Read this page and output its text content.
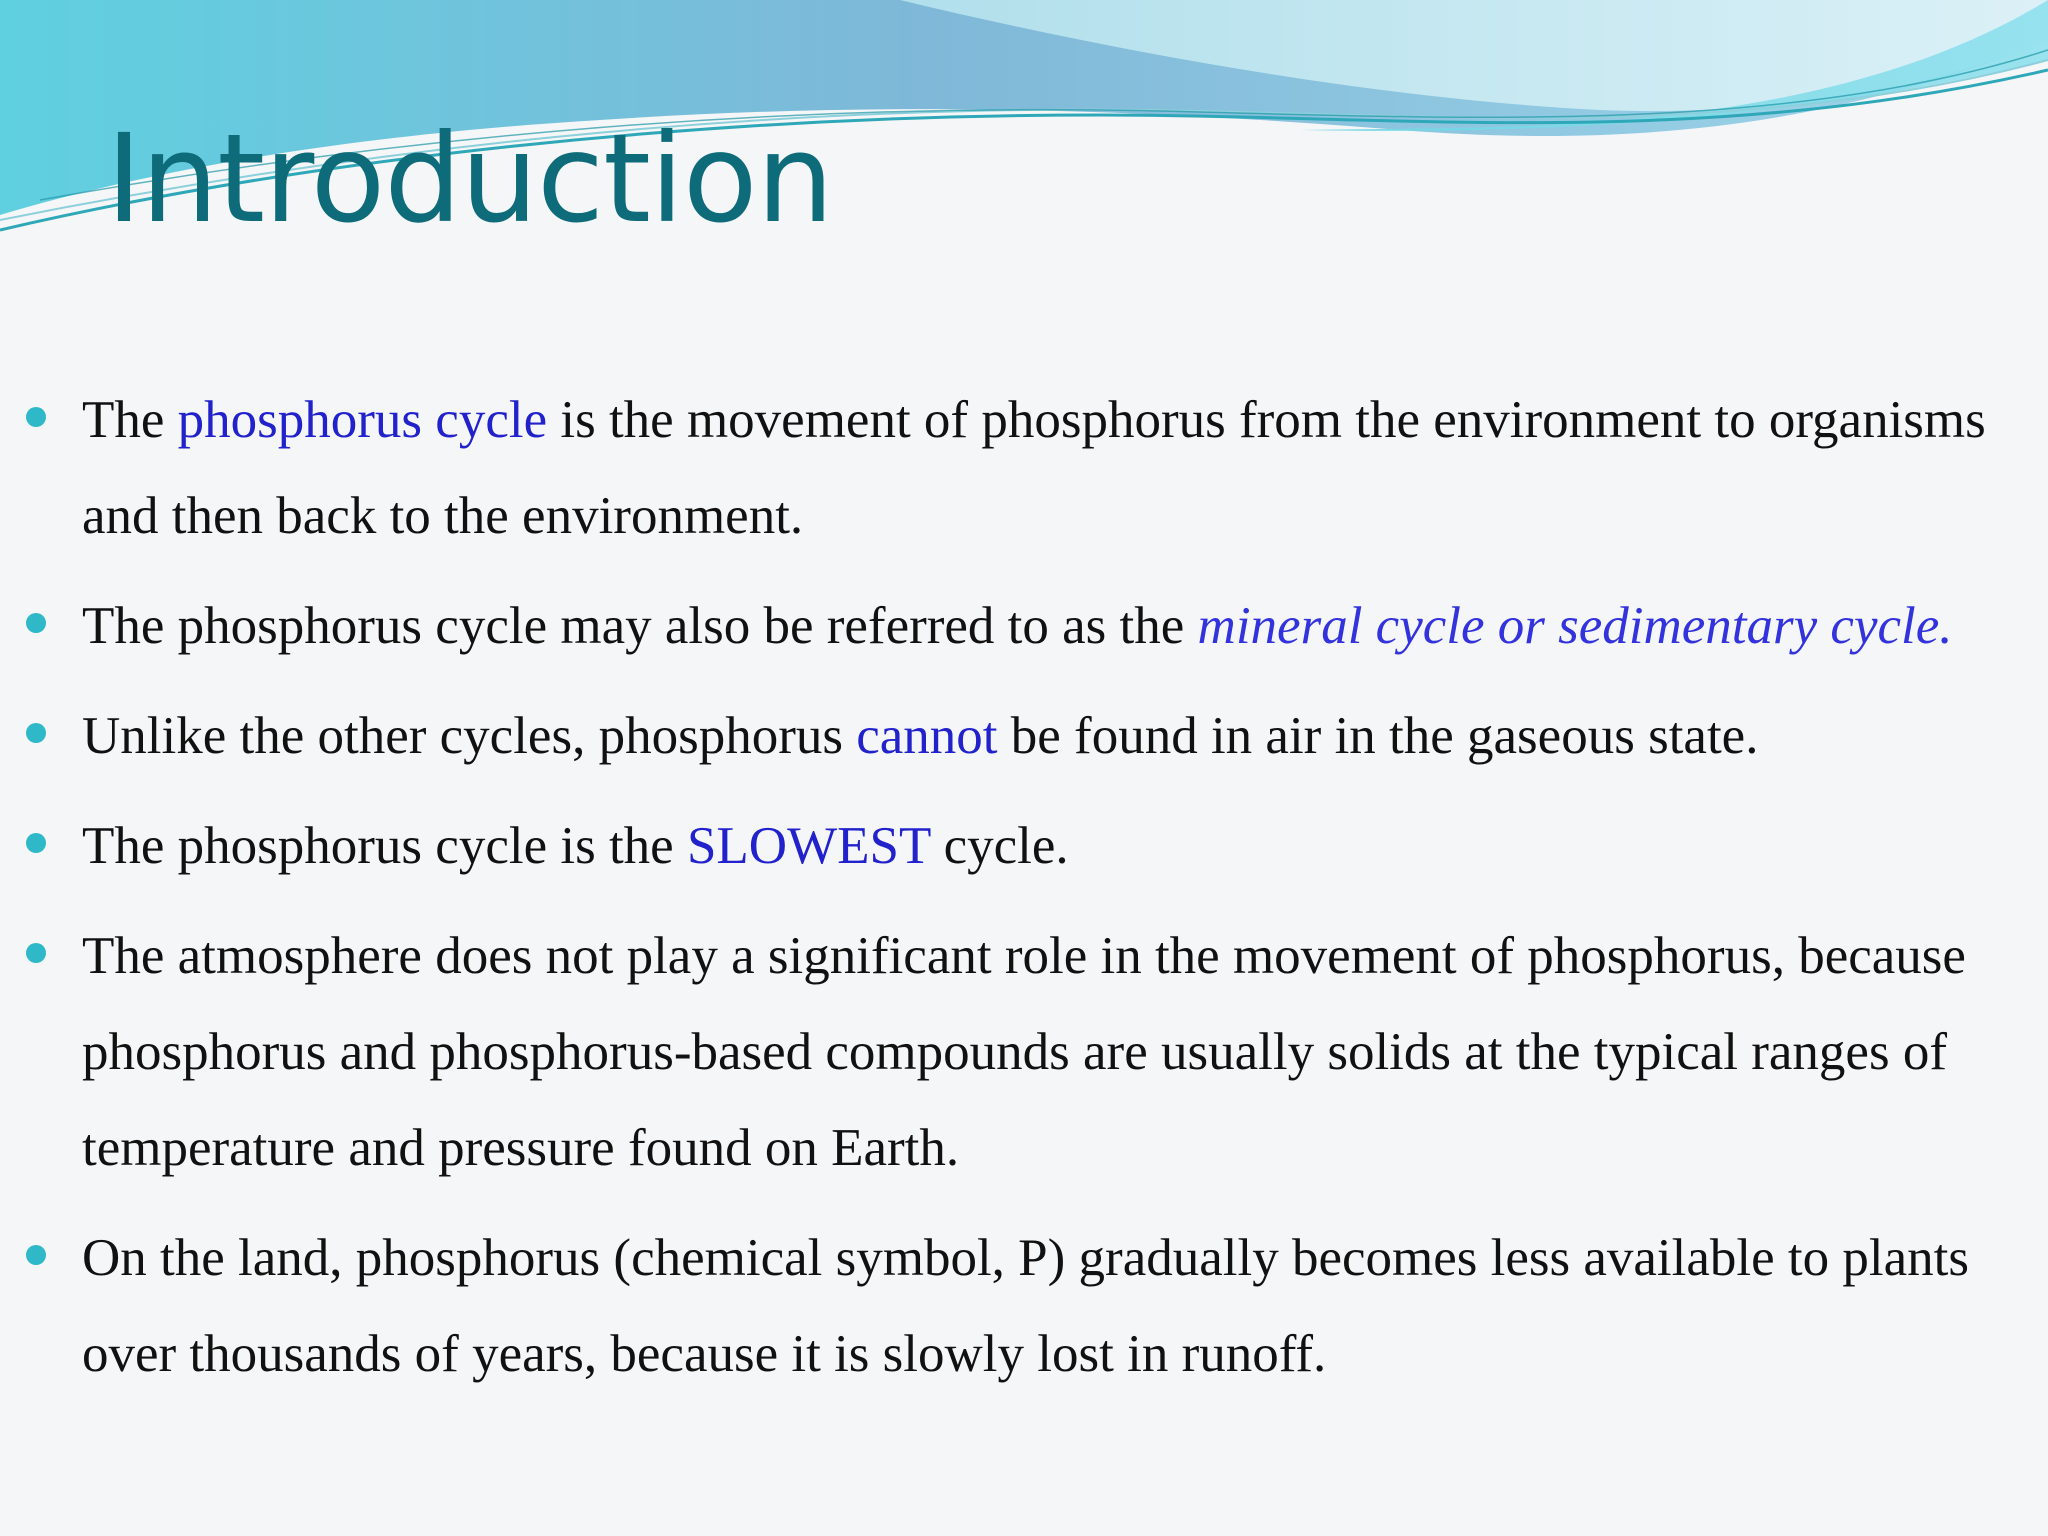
Introduction
The phosphorus cycle is the movement of phosphorus from the environment to organisms and then back to the environment.
The phosphorus cycle may also be referred to as the mineral cycle or sedimentary cycle.
Unlike the other cycles, phosphorus cannot be found in air in the gaseous state.
The phosphorus cycle is the SLOWEST cycle.
The atmosphere does not play a significant role in the movement of phosphorus, because phosphorus and phosphorus-based compounds are usually solids at the typical ranges of temperature and pressure found on Earth.
On the land, phosphorus (chemical symbol, P) gradually becomes less available to plants over thousands of years, because it is slowly lost in runoff.
